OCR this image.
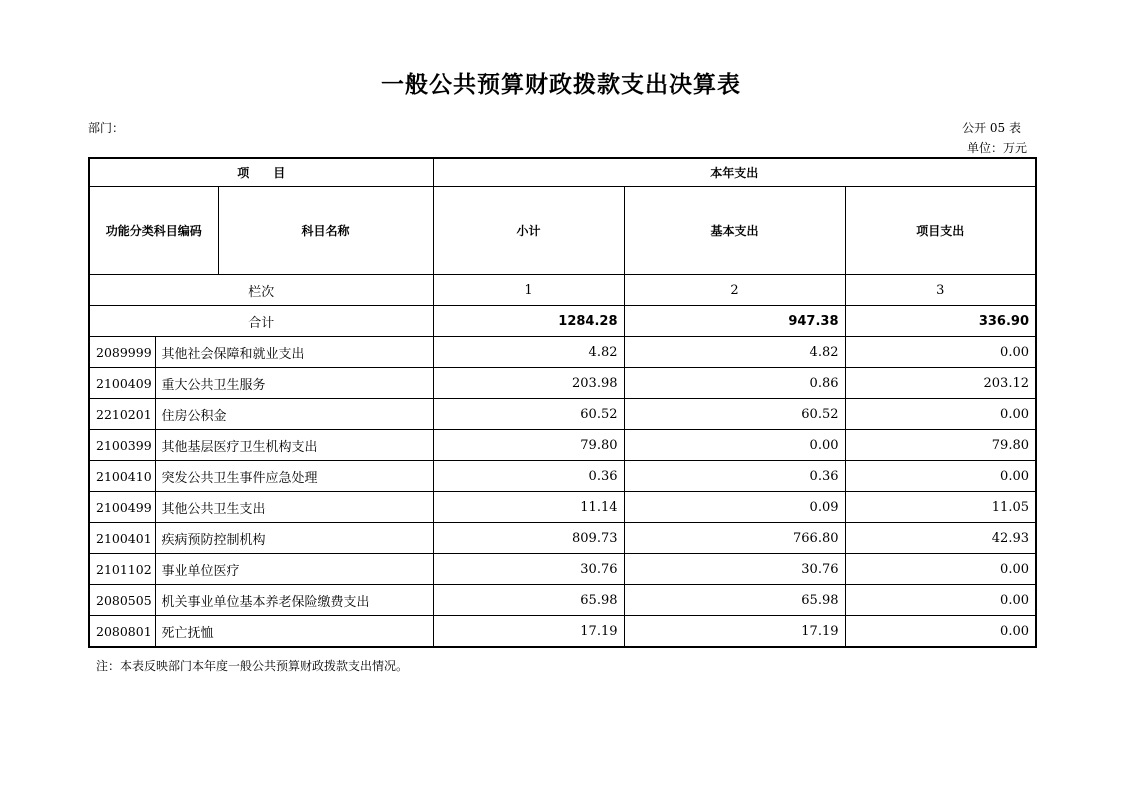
一般公共预算财政拨款支出决算表
部门：	公开 05 表
单位：万元
项　　目			本年支出		
功能分类科目编码		科目名称	小计	基本支出	项目支出
栏次			1	2	3
合计			1284.28	947.38	336.90
2089999	其他社会保障和就业支出		4.82	4.82	0.00
2100409	重大公共卫生服务		203.98	0.86	203.12
2210201	住房公积金		60.52	60.52	0.00
2100399	其他基层医疗卫生机构支出		79.80	0.00	79.80
2100410	突发公共卫生事件应急处理		0.36	0.36	0.00
2100499	其他公共卫生支出		11.14	0.09	11.05
2100401	疾病预防控制机构		809.73	766.80	42.93
2101102	事业单位医疗		30.76	30.76	0.00
2080505	机关事业单位基本养老保险缴费支出		65.98	65.98	0.00
2080801	死亡抚恤		17.19	17.19	0.00
注：本表反映部门本年度一般公共预算财政拨款支出情况。
